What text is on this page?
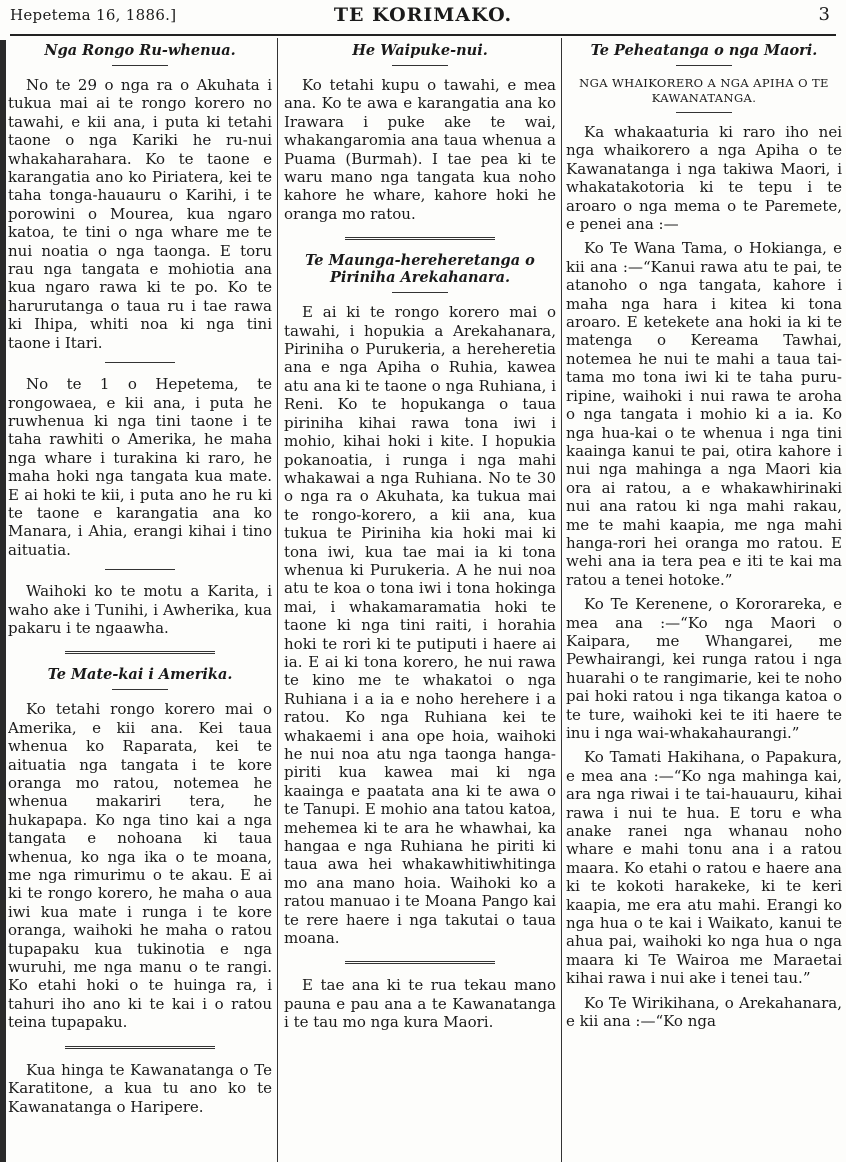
Hepetema 16, 1886.]	TE KORIMAKO.	3
Nga Rongo Ru-whenua.

No te 29 o nga ra o Akuhata i tukua mai ai te rongo korero no tawahi, e kii ana, i puta ki tetahi taone o nga Kariki he ru-nui whakaharahara. Ko te taone e karangatia ano ko Piriatera, kei te taha tonga-hauauru o Karihi, i te porowini o Mourea, kua ngaro katoa, te tini o nga whare me te nui noatia o nga taonga. E toru rau nga tangata e mohiotia ana kua ngaro rawa ki te po. Ko te harurutanga o taua ru i tae rawa ki Ihipa, whiti noa ki nga tini taone i Itari.

No te 1 o Hepetema, te rongowaea, e kii ana, i puta he ruwhenua ki nga tini taone i te taha rawhiti o Amerika, he maha nga whare i turakina ki raro, he maha hoki nga tangata kua mate. E ai hoki te kii, i puta ano he ru ki te taone e karangatia ana ko Manara, i Ahia, erangi kihai i tino aituatia.

Waihoki ko te motu a Karita, i waho ake i Tunihi, i Awherika, kua pakaru i te ngaawha.

Te Mate-kai i Amerika.

Ko tetahi rongo korero mai o Amerika, e kii ana. Kei taua whenua ko Raparata, kei te aituatia nga tangata i te kore oranga mo ratou, notemea he whenua makariri tera, he hukapapa. Ko nga tino kai a nga tangata e nohoana ki taua whenua, ko nga ika o te moana, me nga rimurimu o te akau. E ai ki te rongo korero, he maha o aua iwi kua mate i runga i te kore oranga, waihoki he maha o ratou tupapaku kua tukinotia e nga wuruhi, me nga manu o te rangi. Ko etahi hoki o te huinga ra, i tahuri iho ano ki te kai i o ratou teina tupapaku.

Kua hinga te Kawanatanga o Te Karatitone, a kua tu ano ko te Kawanatanga o Haripere.

He Waipuke-nui.

Ko tetahi kupu o tawahi, e mea ana. Ko te awa e karangatia ana ko Irawara i puke ake te wai, whakangaromia ana taua whenua a Puama (Burmah). I tae pea ki te waru mano nga tangata kua noho kahore he whare, kahore hoki he oranga mo ratou.

Te Maunga-hereheretanga o Piriniha Arekahanara.

E ai ki te rongo korero mai o tawahi, i hopukia a Arekahanara, Piriniha o Purukeria, a hereheretia ana e nga Apiha o Ruhia, kawea atu ana ki te taone o nga Ruhiana, i Reni. Ko te hopukanga o taua piriniha kihai rawa tona iwi i mohio, kihai hoki i kite. I hopukia pokanoatia, i runga i nga mahi whakawai a nga Ruhiana. No te 30 o nga ra o Akuhata, ka tukua mai te rongo-korero, a kii ana, kua tukua te Piriniha kia hoki mai ki tona iwi, kua tae mai ia ki tona whenua ki Purukeria. A he nui noa atu te koa o tona iwi i tona hokinga mai, i whakamaramatia hoki te taone ki nga tini raiti, i horahia hoki te rori ki te putiputi i haere ai ia. E ai ki tona korero, he nui rawa te kino me te whakatoi o nga Ruhiana i a ia e noho herehere i a ratou. Ko nga Ruhiana kei te whakaemi i ana ope hoia, waihoki he nui noa atu nga taonga hanga-piriti kua kawea mai ki nga kaainga e paatata ana ki te awa o te Tanupi. E mohio ana tatou katoa, mehemea ki te ara he whawhai, ka hangaa e nga Ruhiana he piriti ki taua awa hei whakawhitiwhitinga mo ana mano hoia. Waihoki ko a ratou manuao i te Moana Pango kai te rere haere i nga takutai o taua moana.

E tae ana ki te rua tekau mano pauna e pau ana a te Kawanatanga i te tau mo nga kura Maori.

Te Peheatanga o nga Maori.
NGA WHAIKORERO A NGA APIHA O TE KAWANATANGA.

Ka whakaaturia ki raro iho nei nga whaikorero a nga Apiha o te Kawanatanga i nga takiwa Maori, i whakatakotoria ki te tepu i te aroaro o nga mema o te Paremete, e penei ana :—

Ko Te Wana Tama, o Hokianga, e kii ana :—“Kanui rawa atu te pai, te atanoho o nga tangata, kahore i maha nga hara i kitea ki tona aroaro. E ketekete ana hoki ia ki te matenga o Kereama Tawhai, notemea he nui te mahi a taua tai-tama mo tona iwi ki te taha puru-ripine, waihoki i nui rawa te aroha o nga tangata i mohio ki a ia. Ko nga hua-kai o te whenua i nga tini kaainga kanui te pai, otira kahore i nui nga mahinga a nga Maori kia ora ai ratou, a e whakawhirinaki nui ana ratou ki nga mahi rakau, me te mahi kaapia, me nga mahi hanga-rori hei oranga mo ratou. E wehi ana ia tera pea e iti te kai ma ratou a tenei hotoke.”

Ko Te Kerenene, o Kororareka, e mea ana :—“Ko nga Maori o Kaipara, me Whangarei, me Pewhairangi, kei runga ratou i nga huarahi o te rangimarie, kei te noho pai hoki ratou i nga tikanga katoa o te ture, waihoki kei te iti haere te inu i nga wai-whakahaurangi.”

Ko Tamati Hakihana, o Papakura, e mea ana :—“Ko nga mahinga kai, ara nga riwai i te tai-hauauru, kihai rawa i nui te hua. E toru e wha anake ranei nga whanau noho whare e mahi tonu ana i a ratou maara. Ko etahi o ratou e haere ana ki te kokoti harakeke, ki te keri kaapia, me era atu mahi. Erangi ko nga hua o te kai i Waikato, kanui te ahua pai, waihoki ko nga hua o nga maara ki Te Wairoa me Maraetai kihai rawa i nui ake i tenei tau.”

Ko Te Wirikihana, o Arekahanara, e kii ana :—“Ko nga
